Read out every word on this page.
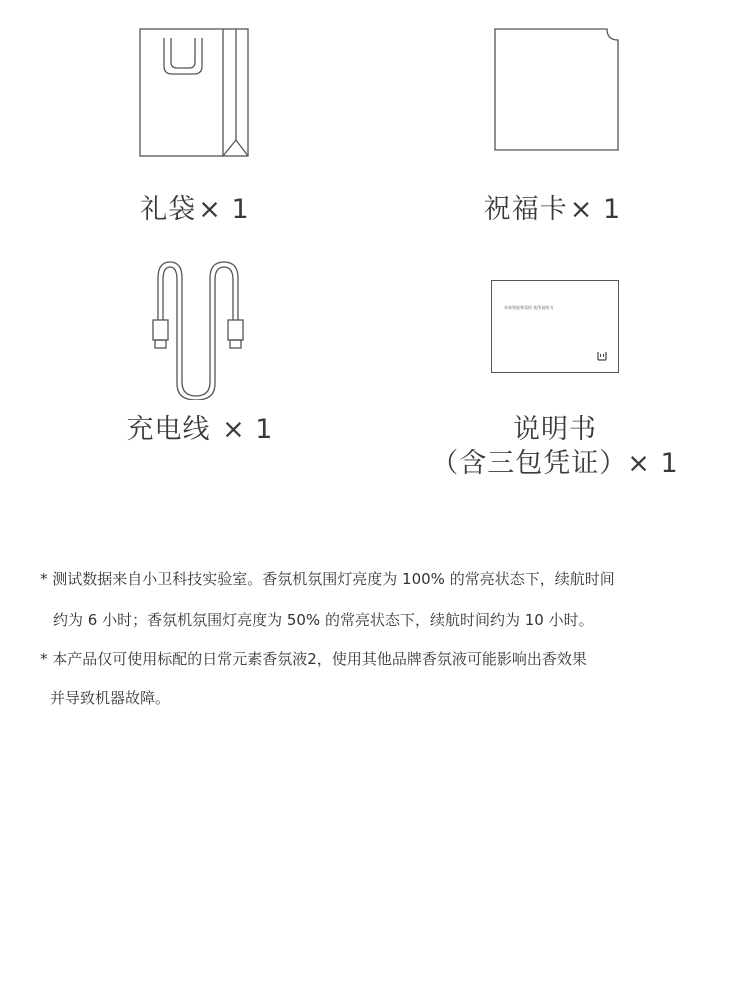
礼袋× 1	祝福卡× 1
充电线 × 1
米家智能香氛机 使用说明书
说明书
（含三包凭证）× 1
* 测试数据来自小卫科技实验室。香氛机氛围灯亮度为 100% 的常亮状态下，续航时间
约为 6 小时；香氛机氛围灯亮度为 50% 的常亮状态下，续航时间约为 10 小时。
* 本产品仅可使用标配的日常元素香氛液2，使用其他品牌香氛液可能影响出香效果
并导致机器故障。
